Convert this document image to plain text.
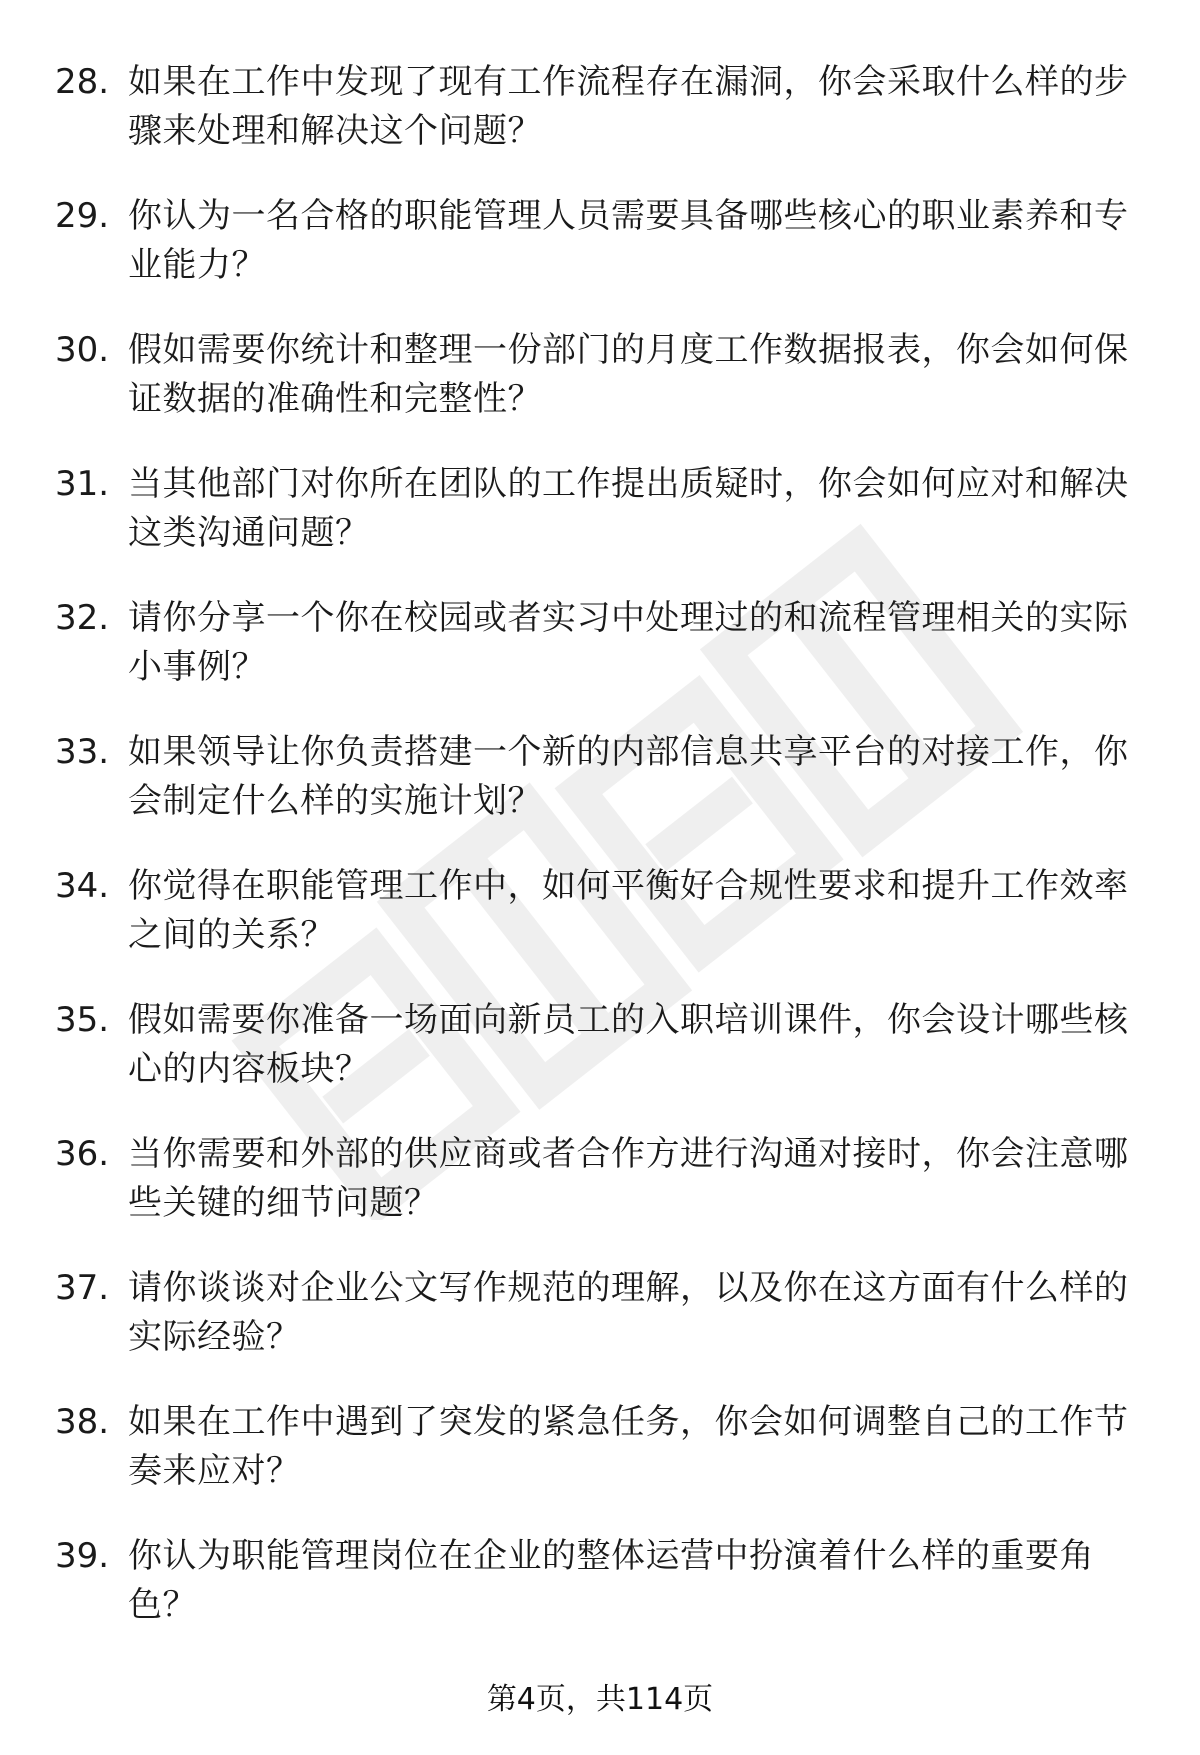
28. 如果在工作中发现了现有工作流程存在漏洞，你会采取什么样的步骤来处理和解决这个问题？
29. 你认为一名合格的职能管理人员需要具备哪些核心的职业素养和专业能力？
30. 假如需要你统计和整理一份部门的月度工作数据报表，你会如何保证数据的准确性和完整性？
31. 当其他部门对你所在团队的工作提出质疑时，你会如何应对和解决这类沟通问题？
32. 请你分享一个你在校园或者实习中处理过的和流程管理相关的实际小事例？
33. 如果领导让你负责搭建一个新的内部信息共享平台的对接工作，你会制定什么样的实施计划？
34. 你觉得在职能管理工作中，如何平衡好合规性要求和提升工作效率之间的关系？
35. 假如需要你准备一场面向新员工的入职培训课件，你会设计哪些核心的内容板块？
36. 当你需要和外部的供应商或者合作方进行沟通对接时，你会注意哪些关键的细节问题？
37. 请你谈谈对企业公文写作规范的理解，以及你在这方面有什么样的实际经验？
38. 如果在工作中遇到了突发的紧急任务，你会如何调整自己的工作节奏来应对？
39. 你认为职能管理岗位在企业的整体运营中扮演着什么样的重要角色？
第4页，共114页
